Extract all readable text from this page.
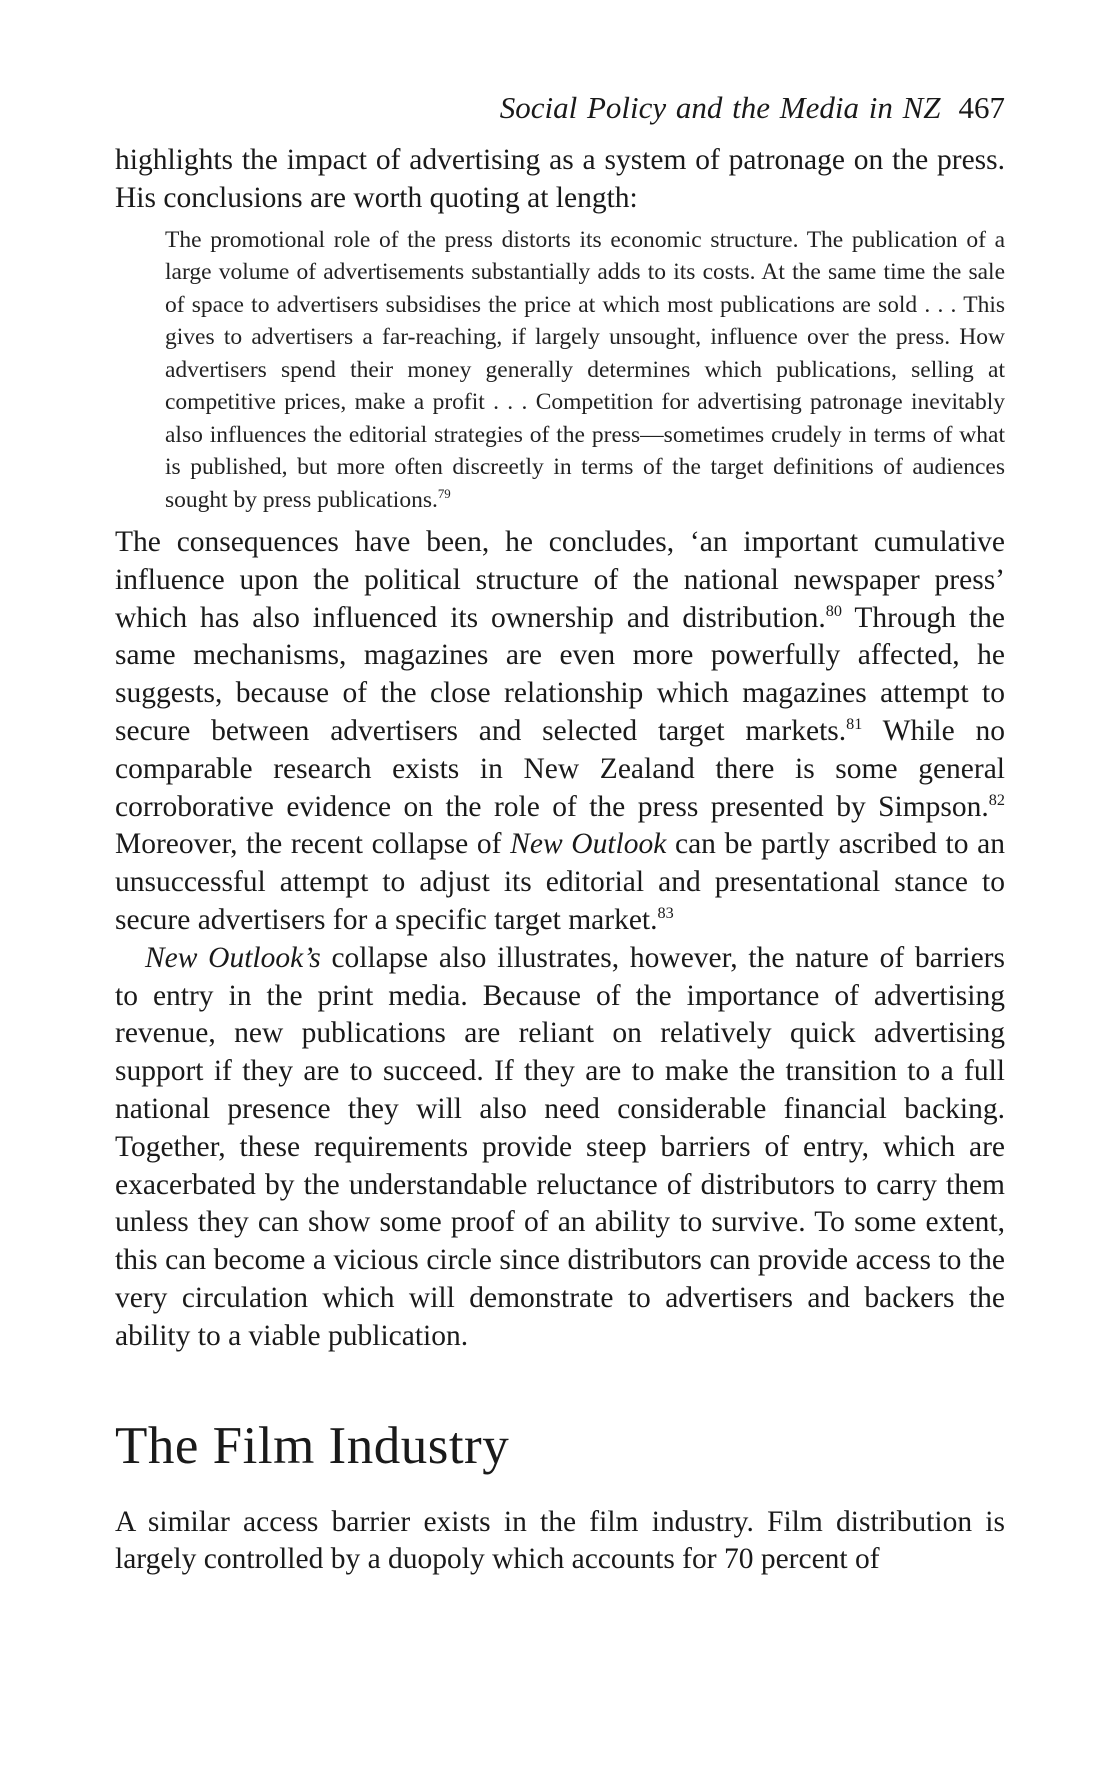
Social Policy and the Media in NZ 467

highlights the impact of advertising as a system of patronage on the press. His conclusions are worth quoting at length:

The promotional role of the press distorts its economic structure. The publication of a large volume of advertisements substantially adds to its costs. At the same time the sale of space to advertisers subsidises the price at which most publications are sold . . . This gives to advertisers a far-reaching, if largely unsought, influence over the press. How advertisers spend their money generally determines which publications, selling at competitive prices, make a profit . . . Competition for advertising patronage inevitably also influences the editorial strategies of the press—sometimes crudely in terms of what is published, but more often discreetly in terms of the target definitions of audiences sought by press publications.$^{79}$

The consequences have been, he concludes, ‘an important cumulative influence upon the political structure of the national newspaper press’ which has also influenced its ownership and distribution.$^{80}$ Through the same mechanisms, magazines are even more powerfully affected, he suggests, because of the close relationship which magazines attempt to secure between advertisers and selected target markets.$^{81}$ While no comparable research exists in New Zealand there is some general corroborative evidence on the role of the press presented by Simpson.$^{82}$ Moreover, the recent collapse of New Outlook can be partly ascribed to an unsuccessful attempt to adjust its editorial and presentational stance to secure advertisers for a specific target market.$^{83}$

New Outlook’s collapse also illustrates, however, the nature of barriers to entry in the print media. Because of the importance of advertising revenue, new publications are reliant on relatively quick advertising support if they are to succeed. If they are to make the transition to a full national presence they will also need considerable financial backing. Together, these requirements provide steep barriers of entry, which are exacerbated by the understandable reluctance of distributors to carry them unless they can show some proof of an ability to survive. To some extent, this can become a vicious circle since distributors can provide access to the very circulation which will demonstrate to advertisers and backers the ability to a viable publication.

The Film Industry

A similar access barrier exists in the film industry. Film distribution is largely controlled by a duopoly which accounts for 70 percent of
